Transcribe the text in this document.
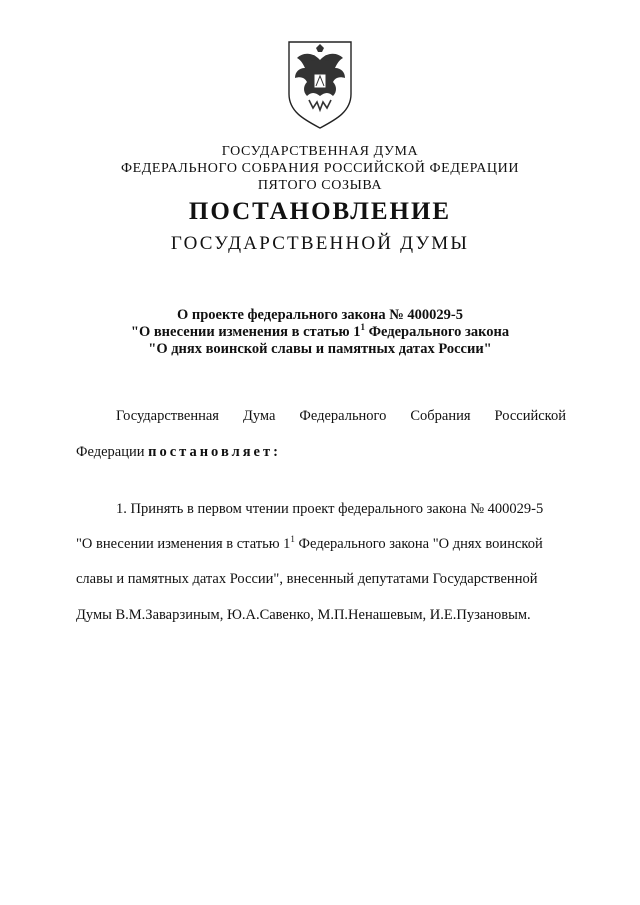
ГОСУДАРСТВЕННАЯ ДУМА
ФЕДЕРАЛЬНОГО СОБРАНИЯ РОССИЙСКОЙ ФЕДЕРАЦИИ
ПЯТОГО СОЗЫВА
ПОСТАНОВЛЕНИЕ
ГОСУДАРСТВЕННОЙ ДУМЫ
О проекте федерального закона № 400029-5
"О внесении изменения в статью $1^1$ Федерального закона
"О днях воинской славы и памятных датах России"
Государственная Дума Федерального Собрания Российской
Федерации постановляет:
1. Принять в первом чтении проект федерального закона № 400029-5
"О внесении изменения в статью $1^1$ Федерального закона "О днях воинской
славы и памятных датах России", внесенный депутатами Государственной
Думы В.М.Заварзиным, Ю.А.Савенко, М.П.Ненашевым, И.Е.Пузановым.
